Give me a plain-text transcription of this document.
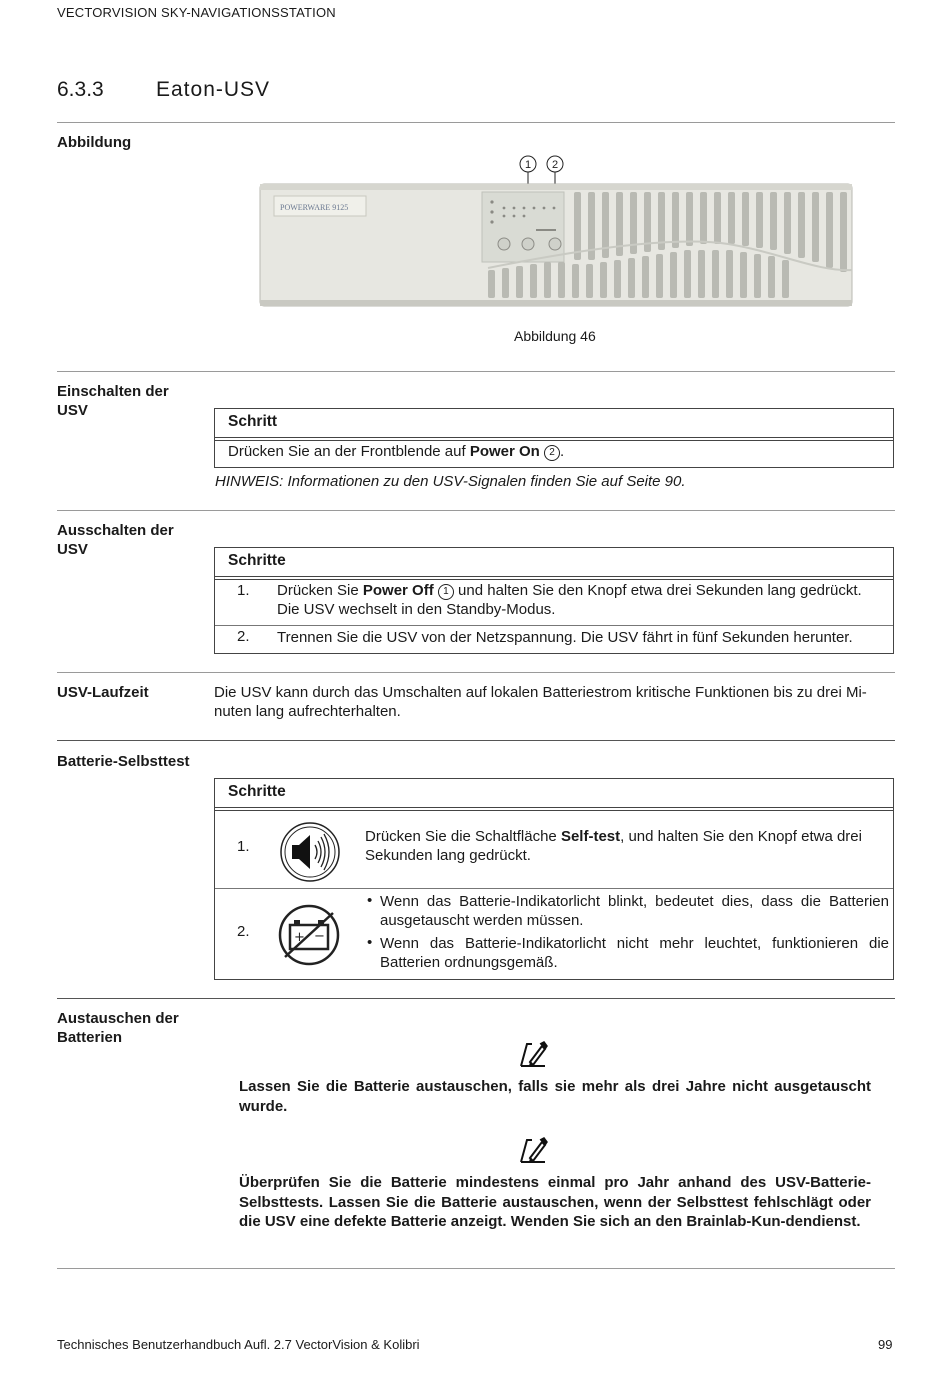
VECTORVISION SKY-NAVIGATIONSSTATION
6.3.3 Eaton-USV
Abbildung
1 2
POWERWARE 9125
Abbildung 46
Einschalten der USV
Schritt
Drücken Sie an der Frontblende auf Power On 2 .
HINWEIS: Informationen zu den USV-Signalen finden Sie auf Seite 90.
Ausschalten der USV
Schritte
1. Drücken Sie Power Off 1 und halten Sie den Knopf etwa drei Sekunden lang gedrückt.
Die USV wechselt in den Standby-Modus.
2. Trennen Sie die USV von der Netzspannung. Die USV fährt in fünf Sekunden herunter.
USV-Laufzeit	Die USV kann durch das Umschalten auf lokalen Batteriestrom kritische Funktionen bis zu drei Mi-
nuten lang aufrechterhalten.
Batterie-Selbsttest
Schritte
1.
Drücken Sie die Schaltfläche Self-test, und halten Sie den Knopf etwa drei
Sekunden lang gedrückt.
2.	+ −
• Wenn das Batterie-Indikatorlicht blinkt, bedeutet dies, dass die Batterien
ausgetauscht werden müssen.
• Wenn das Batterie-Indikatorlicht nicht mehr leuchtet, funktionieren die
Batterien ordnungsgemäß.
Austauschen der Batterien
Lassen Sie die Batterie austauschen, falls sie mehr als drei Jahre nicht ausgetauscht wurde.
Überprüfen Sie die Batterie mindestens einmal pro Jahr anhand des USV-Batterie-Selbsttests. Lassen Sie die Batterie austauschen, wenn der Selbsttest fehlschlägt oder die USV eine defekte Batterie anzeigt. Wenden Sie sich an den Brainlab-Kun-dendienst.
Technisches Benutzerhandbuch Aufl. 2.7 VectorVision & Kolibri	99
